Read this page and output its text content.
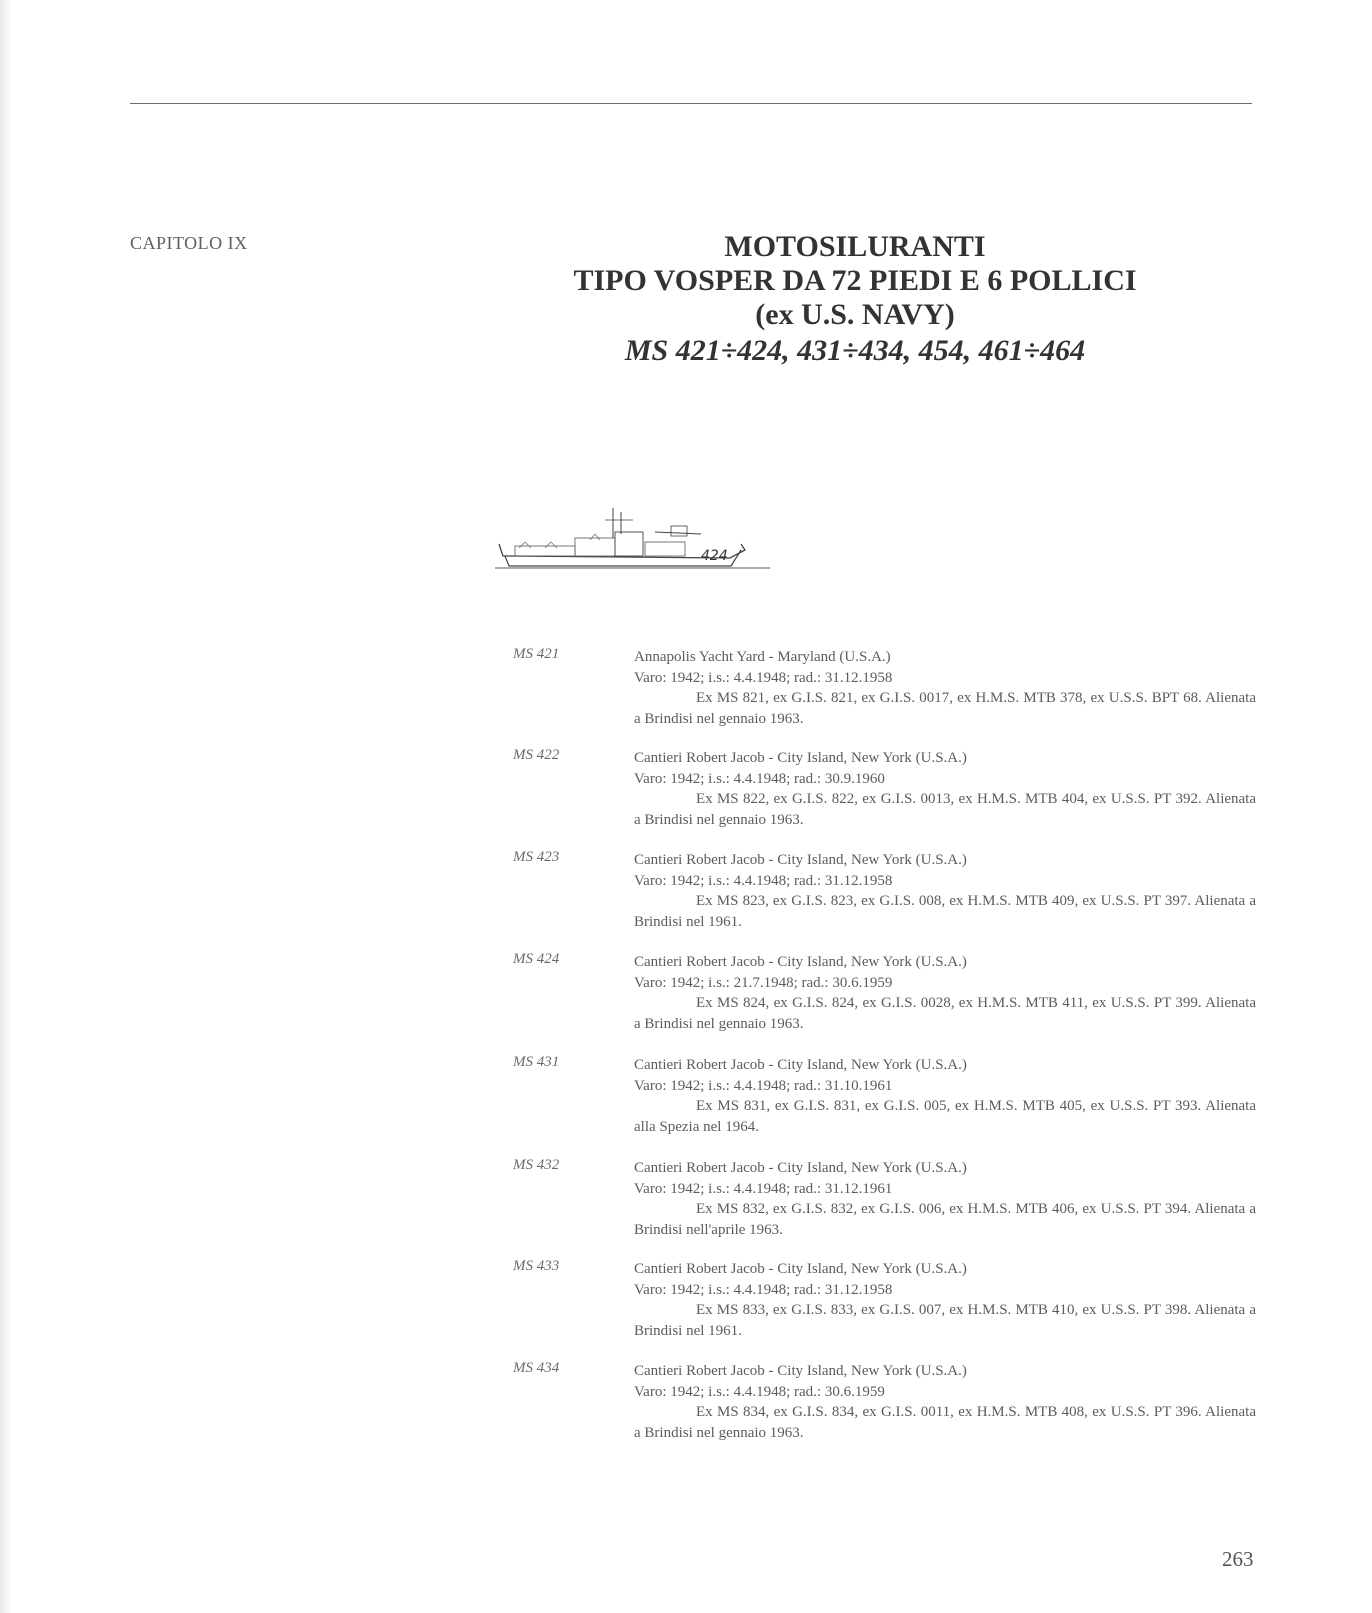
CAPITOLO IX	MOTOSILURANTI
TIPO VOSPER DA 72 PIEDI E 6 POLLICI
(ex U.S. NAVY)
MS 421÷424, 431÷434, 454, 461÷464
424
MS 421	Annapolis Yacht Yard - Maryland (U.S.A.)
Varo: 1942; i.s.: 4.4.1948; rad.: 31.12.1958
Ex MS 821, ex G.I.S. 821, ex G.I.S. 0017, ex H.M.S. MTB 378, ex U.S.S. BPT 68. Alienata a Brindisi nel gennaio 1963.
MS 422	Cantieri Robert Jacob - City Island, New York (U.S.A.)
Varo: 1942; i.s.: 4.4.1948; rad.: 30.9.1960
Ex MS 822, ex G.I.S. 822, ex G.I.S. 0013, ex H.M.S. MTB 404, ex U.S.S. PT 392. Alienata a Brindisi nel gennaio 1963.
MS 423	Cantieri Robert Jacob - City Island, New York (U.S.A.)
Varo: 1942; i.s.: 4.4.1948; rad.: 31.12.1958
Ex MS 823, ex G.I.S. 823, ex G.I.S. 008, ex H.M.S. MTB 409, ex U.S.S. PT 397. Alienata a Brindisi nel 1961.
MS 424	Cantieri Robert Jacob - City Island, New York (U.S.A.)
Varo: 1942; i.s.: 21.7.1948; rad.: 30.6.1959
Ex MS 824, ex G.I.S. 824, ex G.I.S. 0028, ex H.M.S. MTB 411, ex U.S.S. PT 399. Alienata a Brindisi nel gennaio 1963.
MS 431	Cantieri Robert Jacob - City Island, New York (U.S.A.)
Varo: 1942; i.s.: 4.4.1948; rad.: 31.10.1961
Ex MS 831, ex G.I.S. 831, ex G.I.S. 005, ex H.M.S. MTB 405, ex U.S.S. PT 393. Alienata alla Spezia nel 1964.
MS 432	Cantieri Robert Jacob - City Island, New York (U.S.A.)
Varo: 1942; i.s.: 4.4.1948; rad.: 31.12.1961
Ex MS 832, ex G.I.S. 832, ex G.I.S. 006, ex H.M.S. MTB 406, ex U.S.S. PT 394. Alienata a Brindisi nell'aprile 1963.
MS 433	Cantieri Robert Jacob - City Island, New York (U.S.A.)
Varo: 1942; i.s.: 4.4.1948; rad.: 31.12.1958
Ex MS 833, ex G.I.S. 833, ex G.I.S. 007, ex H.M.S. MTB 410, ex U.S.S. PT 398. Alienata a Brindisi nel 1961.
MS 434	Cantieri Robert Jacob - City Island, New York (U.S.A.)
Varo: 1942; i.s.: 4.4.1948; rad.: 30.6.1959
Ex MS 834, ex G.I.S. 834, ex G.I.S. 0011, ex H.M.S. MTB 408, ex U.S.S. PT 396. Alienata a Brindisi nel gennaio 1963.
263
